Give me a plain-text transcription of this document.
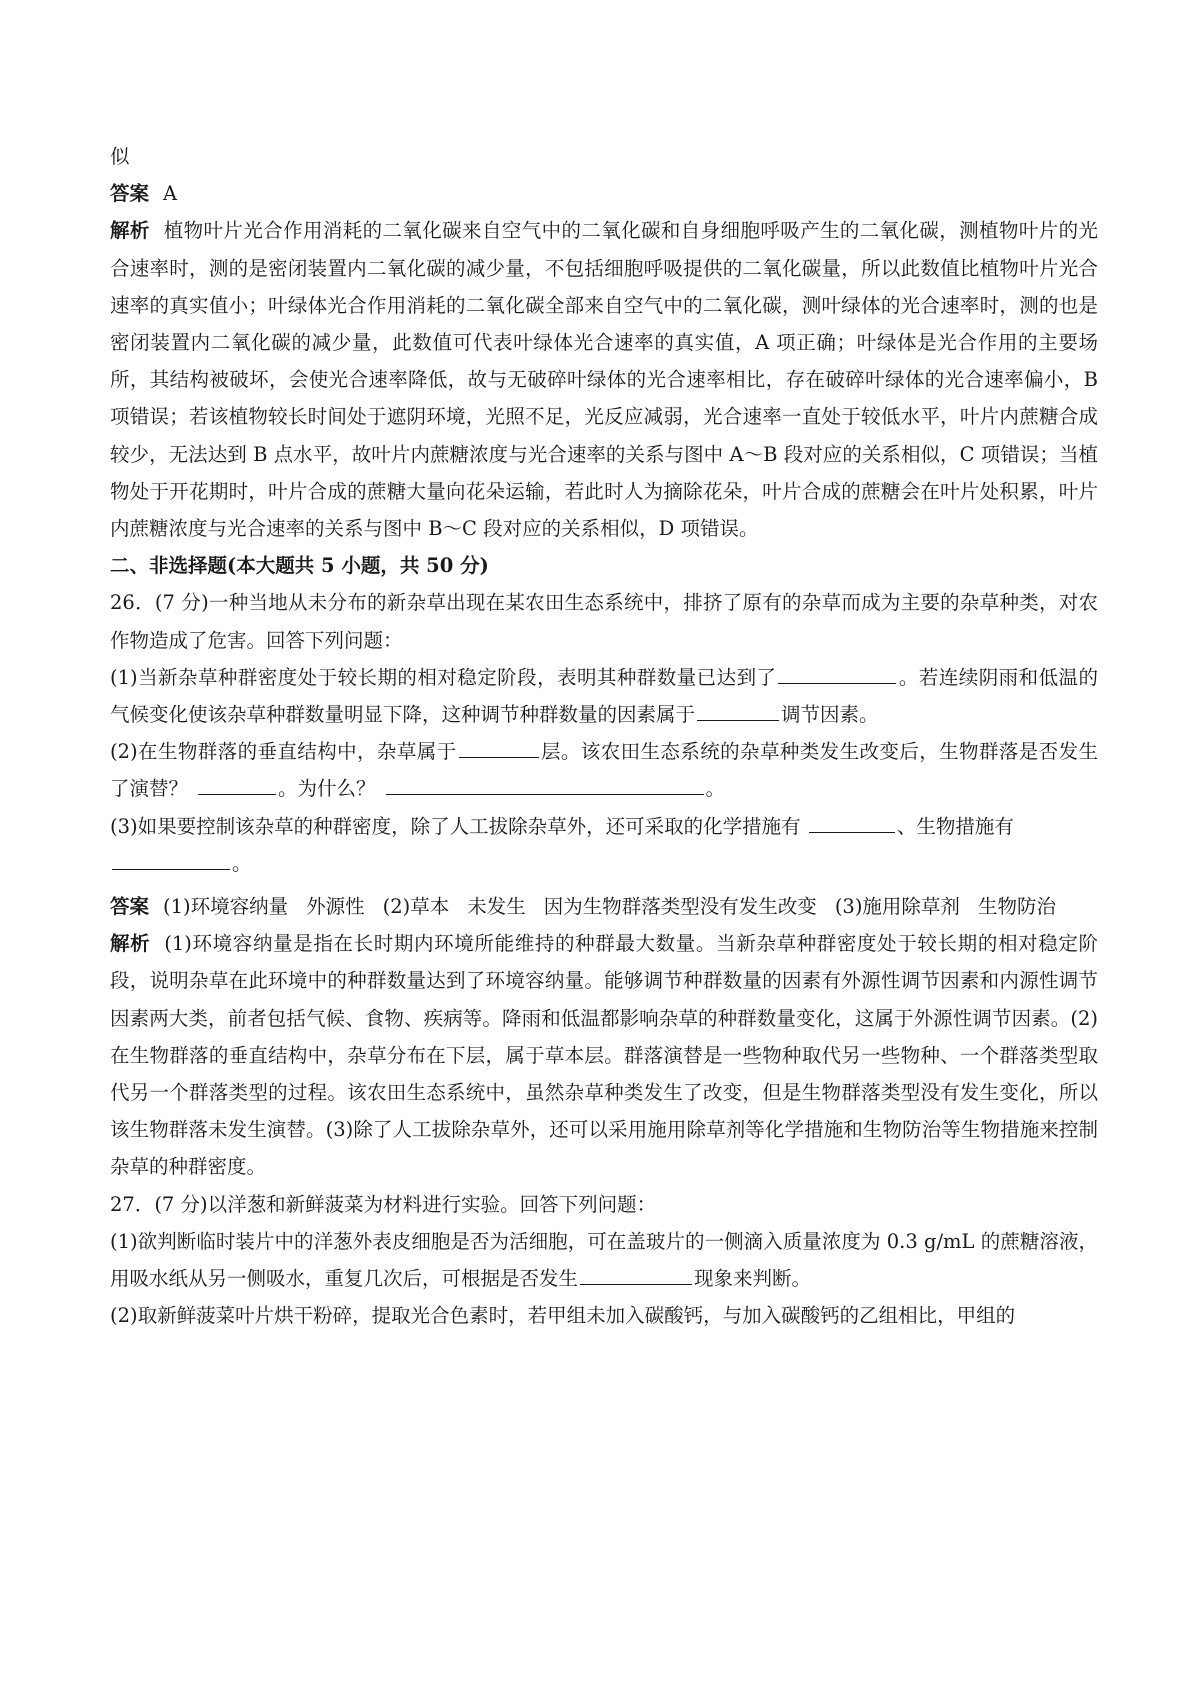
似

答案 A

解析 植物叶片光合作用消耗的二氧化碳来自空气中的二氧化碳和自身细胞呼吸产生的二氧化碳，测植物叶片的光合速率时，测的是密闭装置内二氧化碳的减少量，不包括细胞呼吸提供的二氧化碳量，所以此数值比植物叶片光合速率的真实值小；叶绿体光合作用消耗的二氧化碳全部来自空气中的二氧化碳，测叶绿体的光合速率时，测的也是密闭装置内二氧化碳的减少量，此数值可代表叶绿体光合速率的真实值，A 项正确；叶绿体是光合作用的主要场所，其结构被破坏，会使光合速率降低，故与无破碎叶绿体的光合速率相比，存在破碎叶绿体的光合速率偏小，B 项错误；若该植物较长时间处于遮阴环境，光照不足，光反应减弱，光合速率一直处于较低水平，叶片内蔗糖合成较少，无法达到 B 点水平，故叶片内蔗糖浓度与光合速率的关系与图中 A～B 段对应的关系相似，C 项错误；当植物处于开花期时，叶片合成的蔗糖大量向花朵运输，若此时人为摘除花朵，叶片合成的蔗糖会在叶片处积累，叶片内蔗糖浓度与光合速率的关系与图中 B～C 段对应的关系相似，D 项错误。

二、非选择题(本大题共 5 小题，共 50 分)

26．(7 分)一种当地从未分布的新杂草出现在某农田生态系统中，排挤了原有的杂草而成为主要的杂草种类，对农作物造成了危害。回答下列问题：

(1)当新杂草种群密度处于较长期的相对稳定阶段，表明其种群数量已达到了	。若连续阴雨和低温的气候变化使该杂草种群数量明显下降，这种调节种群数量的因素属于	调节因素。

(2)在生物群落的垂直结构中，杂草属于	层。该农田生态系统的杂草种类发生改变后，生物群落是否发生了演替？	。为什么？	。

(3)如果要控制该杂草的种群密度，除了人工拔除杂草外，还可采取的化学措施有	、生物措施有
。

答案 (1)环境容纳量 外源性 (2)草本 未发生 因为生物群落类型没有发生改变 (3)施用除草剂 生物防治

解析 (1)环境容纳量是指在长时期内环境所能维持的种群最大数量。当新杂草种群密度处于较长期的相对稳定阶段，说明杂草在此环境中的种群数量达到了环境容纳量。能够调节种群数量的因素有外源性调节因素和内源性调节因素两大类，前者包括气候、食物、疾病等。降雨和低温都影响杂草的种群数量变化，这属于外源性调节因素。(2)在生物群落的垂直结构中，杂草分布在下层，属于草本层。群落演替是一些物种取代另一些物种、一个群落类型取代另一个群落类型的过程。该农田生态系统中，虽然杂草种类发生了改变，但是生物群落类型没有发生变化，所以该生物群落未发生演替。(3)除了人工拔除杂草外，还可以采用施用除草剂等化学措施和生物防治等生物措施来控制杂草的种群密度。

27．(7 分)以洋葱和新鲜菠菜为材料进行实验。回答下列问题：

(1)欲判断临时装片中的洋葱外表皮细胞是否为活细胞，可在盖玻片的一侧滴入质量浓度为 0.3 g/mL 的蔗糖溶液，用吸水纸从另一侧吸水，重复几次后，可根据是否发生	现象来判断。

(2)取新鲜菠菜叶片烘干粉碎，提取光合色素时，若甲组未加入碳酸钙，与加入碳酸钙的乙组相比，甲组的
